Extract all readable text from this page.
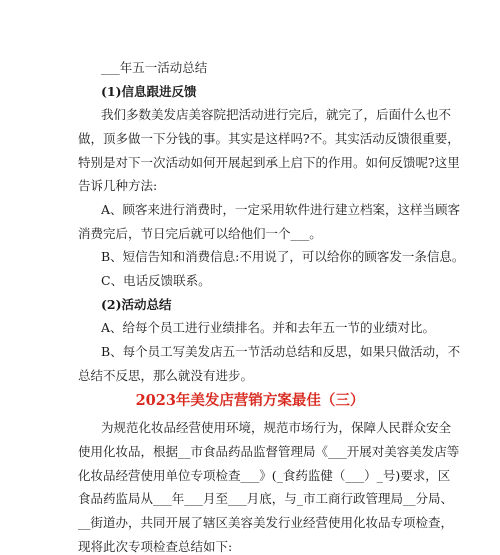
___年五一活动总结
(1)信息跟进反馈
我们多数美发店美容院把活动进行完后，就完了，后面什么也不
做，顶多做一下分钱的事。其实是这样吗?不。其实活动反馈很重要，
特别是对下一次活动如何开展起到承上启下的作用。如何反馈呢?这里
告诉几种方法:
A、顾客来进行消费时，一定采用软件进行建立档案，这样当顾客
消费完后，节日完后就可以给他们一个___。
B、短信告知和消费信息:不用说了，可以给你的顾客发一条信息。
C、电话反馈联系。
(2)活动总结
A、给每个员工进行业绩排名。并和去年五一节的业绩对比。
B、每个员工写美发店五一节活动总结和反思，如果只做活动，不
总结不反思，那么就没有进步。
2023年美发店营销方案最佳（三）
为规范化妆品经营使用环境，规范市场行为，保障人民群众安全
使用化妆品，根据__市食品药品监督管理局《___开展对美容美发店等
化妆品经营使用单位专项检查___》(_食药监健（___）_号)要求，区
食品药监局从___年___月至___月底，与_市工商行政管理局__分局、
__街道办，共同开展了辖区美容美发行业经营使用化妆品专项检查，
现将此次专项检查总结如下:
